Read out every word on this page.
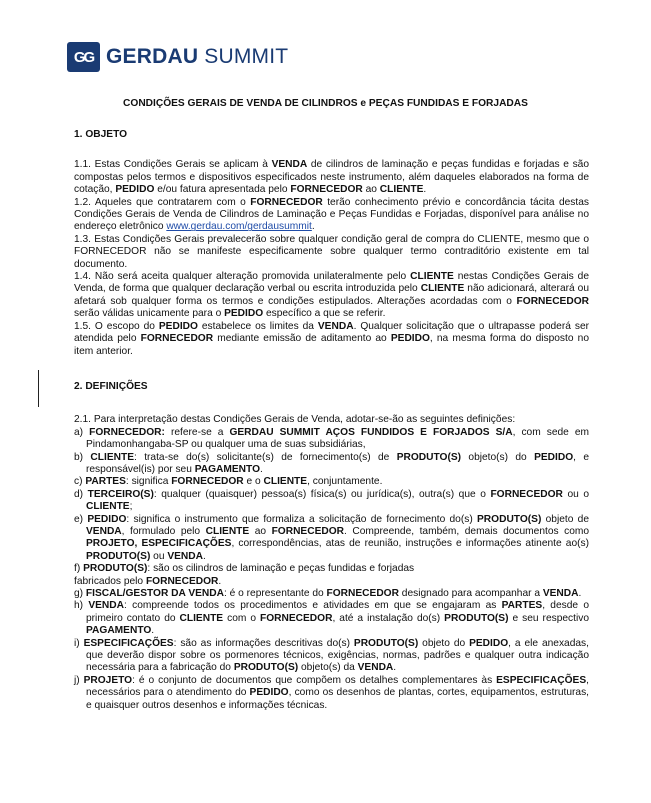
GG GERDAU SUMMIT
CONDIÇÕES GERAIS DE VENDA DE CILINDROS e PEÇAS FUNDIDAS E FORJADAS

1. OBJETO

1.1. Estas Condições Gerais se aplicam à VENDA de cilindros de laminação e peças fundidas e forjadas e são compostas pelos termos e dispositivos especificados neste instrumento, além daqueles elaborados na forma de cotação, PEDIDO e/ou fatura apresentada pelo FORNECEDOR ao CLIENTE.

1.2. Aqueles que contratarem com o FORNECEDOR terão conhecimento prévio e concordância tácita destas Condições Gerais de Venda de Cilindros de Laminação e Peças Fundidas e Forjadas, disponível para análise no endereço eletrônico www.gerdau.com/gerdausummit.

1.3. Estas Condições Gerais prevalecerão sobre qualquer condição geral de compra do CLIENTE, mesmo que o FORNECEDOR não se manifeste especificamente sobre qualquer termo contraditório existente em tal documento.

1.4. Não será aceita qualquer alteração promovida unilateralmente pelo CLIENTE nestas Condições Gerais de Venda, de forma que qualquer declaração verbal ou escrita introduzida pelo CLIENTE não adicionará, alterará ou afetará sob qualquer forma os termos e condições estipulados. Alterações acordadas com o FORNECEDOR serão válidas unicamente para o PEDIDO específico a que se referir.

1.5. O escopo do PEDIDO estabelece os limites da VENDA. Qualquer solicitação que o ultrapasse poderá ser atendida pelo FORNECEDOR mediante emissão de aditamento ao PEDIDO, na mesma forma do disposto no item anterior.

2. DEFINIÇÕES

2.1. Para interpretação destas Condições Gerais de Venda, adotar-se-ão as seguintes definições:

a) FORNECEDOR: refere-se a GERDAU SUMMIT AÇOS FUNDIDOS E FORJADOS S/A, com sede em Pindamonhangaba-SP ou qualquer uma de suas subsidiárias,

b) CLIENTE: trata-se do(s) solicitante(s) de fornecimento(s) de PRODUTO(S) objeto(s) do PEDIDO, e responsável(is) por seu PAGAMENTO.

c) PARTES: significa FORNECEDOR e o CLIENTE, conjuntamente.

d) TERCEIRO(S): qualquer (quaisquer) pessoa(s) física(s) ou jurídica(s), outra(s) que o FORNECEDOR ou o CLIENTE;

e) PEDIDO: significa o instrumento que formaliza a solicitação de fornecimento do(s) PRODUTO(S) objeto de VENDA, formulado pelo CLIENTE ao FORNECEDOR. Compreende, também, demais documentos como PROJETO, ESPECIFICAÇÕES, correspondências, atas de reunião, instruções e informações atinente ao(s) PRODUTO(S) ou VENDA.

f) PRODUTO(S): são os cilindros de laminação e peças fundidas e forjadas
fabricados pelo FORNECEDOR.

g) FISCAL/GESTOR DA VENDA: é o representante do FORNECEDOR designado para acompanhar a VENDA.

h) VENDA: compreende todos os procedimentos e atividades em que se engajaram as PARTES, desde o primeiro contato do CLIENTE com o FORNECEDOR, até a instalação do(s) PRODUTO(S) e seu respectivo PAGAMENTO.

i) ESPECIFICAÇÕES: são as informações descritivas do(s) PRODUTO(S) objeto do PEDIDO, a ele anexadas, que deverão dispor sobre os pormenores técnicos, exigências, normas, padrões e qualquer outra indicação necessária para a fabricação do PRODUTO(S) objeto(s) da VENDA.

j) PROJETO: é o conjunto de documentos que compõem os detalhes complementares às ESPECIFICAÇÕES, necessários para o atendimento do PEDIDO, como os desenhos de plantas, cortes, equipamentos, estruturas, e quaisquer outros desenhos e informações técnicas.
